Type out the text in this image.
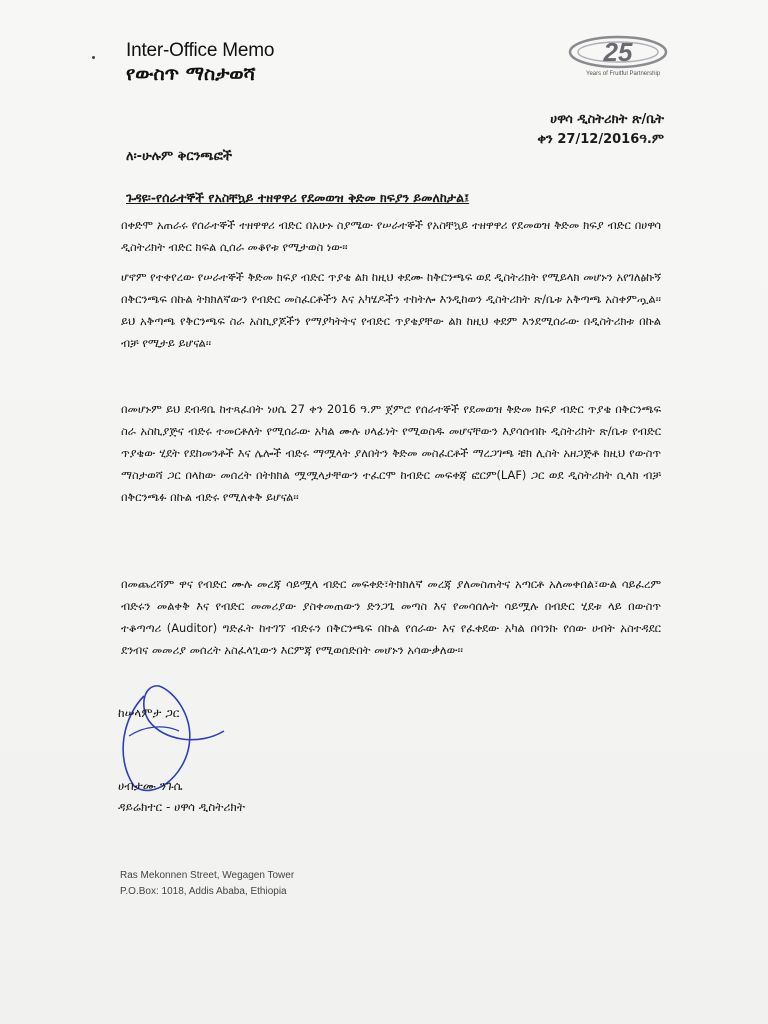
Inter-Office Memo
የውስጥ ማስታወሻ
25
Years of Fruitful Partnership
ሀዋሳ ዲስትሪክት ጽ/ቤት
ቀን 27/12/2016ዓ.ም
ለ፡-ሁሉም ቅርንጫፎች
ጉዳዩ፡-የሰራተኞች የአስቸኳይ ተዘዋዋሪ የደመወዝ ቅድመ ክፍያን ይመለከታል፤

በቀድሞ አጠራሩ የሰራተኞች ተዘዋዋሪ ብድር በአሁኑ ስያሜው የሠራተኞች የአስቸኳይ ተዘዋዋሪ የደመወዝ ቅድመ ክፍያ ብድር በሀዋሳ ዲስትሪክት ብድር ክፍል ሲሰራ መቆየቱ የሚታወስ ነው፡፡

ሆኖም የተቀየረው የሠራተኞች ቅድመ ክፍያ ብድር ጥያቄ ልክ ከዚህ ቀደሙ ከቅርንጫፍ ወደ ዲስትሪክት የሚይላክ መሆኑን አየገለፅኩኝ በቅርንጫፍ በኩል ትክክለኛውን የብድር መስፈርቶችን እና አካሄዶችን ተከትሎ እንዲከወን ዲስትሪክት ጽ/ቤቱ አቅጣጫ አስቀምጧል፡፡ ይህ አቅጣጫ የቅርንጫፍ ስራ አስኪያጆችን የማያካትትና የብድር ጥያቄያቸው ልክ ከዚህ ቀደም እንደሚሰራው በዲስትሪክቱ በኩል ብቻ የሚታይ ይሆናል፡፡

በመሆኑም ይህ ደብዳቤ ከተጻፈበት ነሀሴ 27 ቀን 2016 ዓ.ም ጀምሮ የሰራተኞች የደመወዝ ቅድመ ክፍያ ብድር ጥያቄ በቅርንጫፍ ስራ አስኪያጅና ብድሩ ተመርቶለት የሚሰራው አካል ሙሉ ሀላፊነት የሚወስዱ መሆናቸውን እያሳሰብኩ ዲስትሪክት ጽ/ቤቱ የብድር ጥያቄው ሂደት የደከመንቶች እና ሌሎች ብድሩ ማሟላት ያለበትን ቅድመ መስፈርቶች ማረጋገጫ ቼክ ሊስት አዘጋጅቶ ከዚህ የውስጥ ማስታወሻ ጋር በላከው መሰረት በትክክል ሟሟላታቸውን ተፈርሞ ከብድር መፍቀጃ ፎርም(LAF) ጋር ወደ ዲስትሪክት ሲላክ ብቻ በቅርንጫፉ በኩል ብድሩ የሚለቀቅ ይሆናል፡፡

በመጨረሻም ዋና የብድር ሙሉ መረጃ ሳይሟላ ብድር መፍቀድ፣ትክክለኛ መረጃ ያለመስጠትና አጣርቶ አለመቀበል፣ውል ሳይፈረም ብድሩን መልቀቅ እና የብድር መመሪያው ያስቀመጠውን ድንጋጌ መጣስ እና የመሳሰሉት ሳይሟሉ በብድር ሂደቱ ላይ በውስጥ ተቆጣጣሪ (Auditor) ግድፈት ከተገኘ ብድሩን በቅርንጫፍ በኩል የሰራው እና የፈቀደው አካል በባንኩ የሰው ሀብት አስተዳደር ደንብና መመሪያ መሰረት አስፈላጊውን እርምጃ የሚወሰድበት መሆኑን አሳውቃለው፡፡

ከሠላምታ ጋር
ሀብታሙ ንጉሴ
ዳይሬክተር - ሀዋሳ ዲስትሪክት
Ras Mekonnen Street, Wegagen Tower
P.O.Box: 1018, Addis Ababa, Ethiopia
